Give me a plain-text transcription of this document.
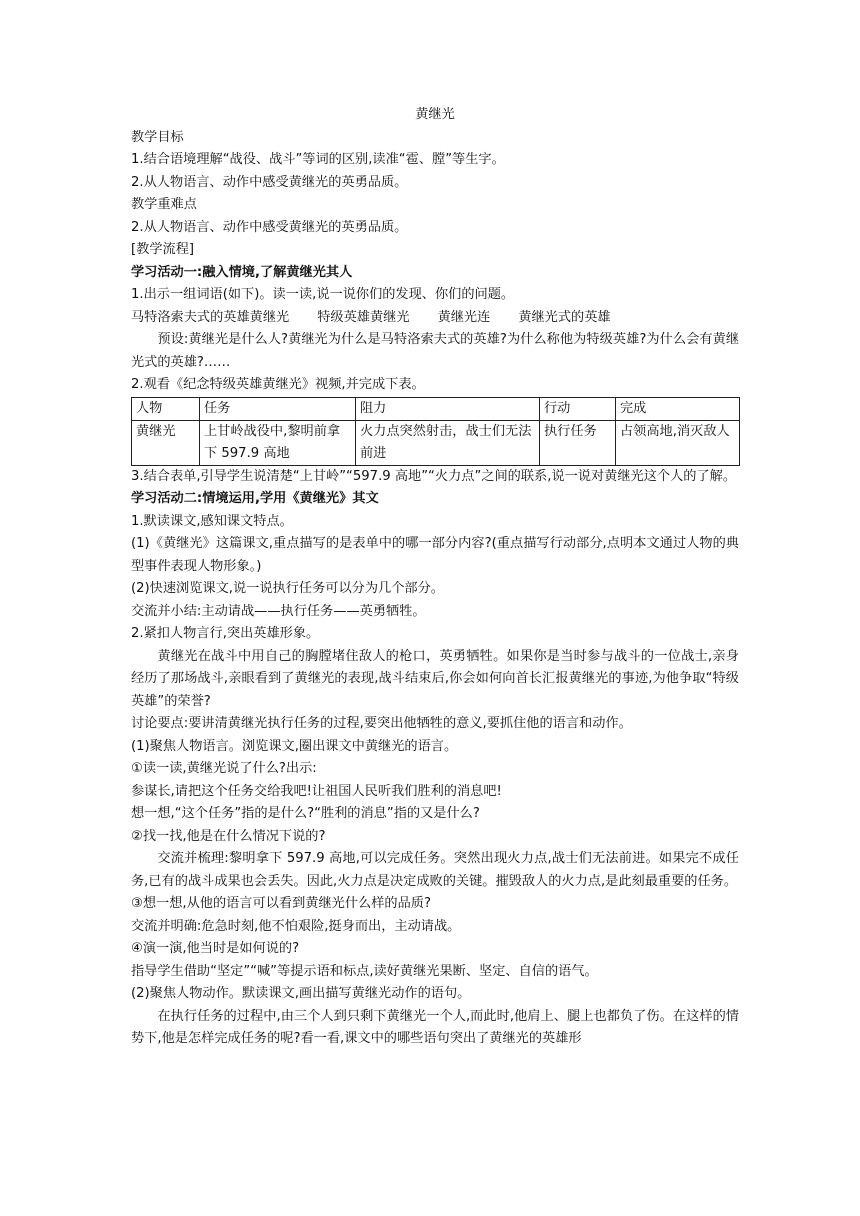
黄继光

教学目标

1.结合语境理解“战役、战斗”等词的区别,读准“雹、膛”等生字。

2.从人物语言、动作中感受黄继光的英勇品质。

教学重难点

2.从人物语言、动作中感受黄继光的英勇品质。

[教学流程]

学习活动一:融入情境,了解黄继光其人

1.出示一组词语(如下)。读一读,说一说你们的发现、你们的问题。

马特洛索夫式的英雄黄继光 特级英雄黄继光 黄继光连 黄继光式的英雄

预设:黄继光是什么人?黄继光为什么是马特洛索夫式的英雄?为什么称他为特级英雄?为什么会有黄继光式的英雄?……

2.观看《纪念特级英雄黄继光》视频,并完成下表。

人物	任务	阻力	行动	完成
黄继光	上甘岭战役中,黎明前拿下 597.9 高地	火力点突然射击，战士们无法前进	执行任务	占领高地,消灭敌人

3.结合表单,引导学生说清楚“上甘岭”“597.9 高地”“火力点”之间的联系,说一说对黄继光这个人的了解。

学习活动二:情境运用,学用《黄继光》其文

1.默读课文,感知课文特点。

(1)《黄继光》这篇课文,重点描写的是表单中的哪一部分内容?(重点描写行动部分,点明本文通过人物的典型事件表现人物形象。)

(2)快速浏览课文,说一说执行任务可以分为几个部分。

交流并小结:主动请战——执行任务——英勇牺牲。

2.紧扣人物言行,突出英雄形象。

黄继光在战斗中用自己的胸膛堵住敌人的枪口，英勇牺牲。如果你是当时参与战斗的一位战士,亲身经历了那场战斗,亲眼看到了黄继光的表现,战斗结束后,你会如何向首长汇报黄继光的事迹,为他争取“特级英雄”的荣誉?

讨论要点:要讲清黄继光执行任务的过程,要突出他牺牲的意义,要抓住他的语言和动作。

(1)聚焦人物语言。浏览课文,圈出课文中黄继光的语言。

①读一读,黄继光说了什么?出示:

参谋长,请把这个任务交给我吧!让祖国人民听我们胜利的消息吧!

想一想,“这个任务”指的是什么?“胜利的消息”指的又是什么?

②找一找,他是在什么情况下说的?

交流并梳理:黎明拿下 597.9 高地,可以完成任务。突然出现火力点,战士们无法前进。如果完不成任务,已有的战斗成果也会丢失。因此,火力点是决定成败的关键。摧毁敌人的火力点,是此刻最重要的任务。

③想一想,从他的语言可以看到黄继光什么样的品质?

交流并明确:危急时刻,他不怕艰险,挺身而出，主动请战。

④演一演,他当时是如何说的?

指导学生借助“坚定”“喊”等提示语和标点,读好黄继光果断、坚定、自信的语气。

(2)聚焦人物动作。默读课文,画出描写黄继光动作的语句。

在执行任务的过程中,由三个人到只剩下黄继光一个人,而此时,他肩上、腿上也都负了伤。在这样的情势下,他是怎样完成任务的呢?看一看,课文中的哪些语句突出了黄继光的英雄形
